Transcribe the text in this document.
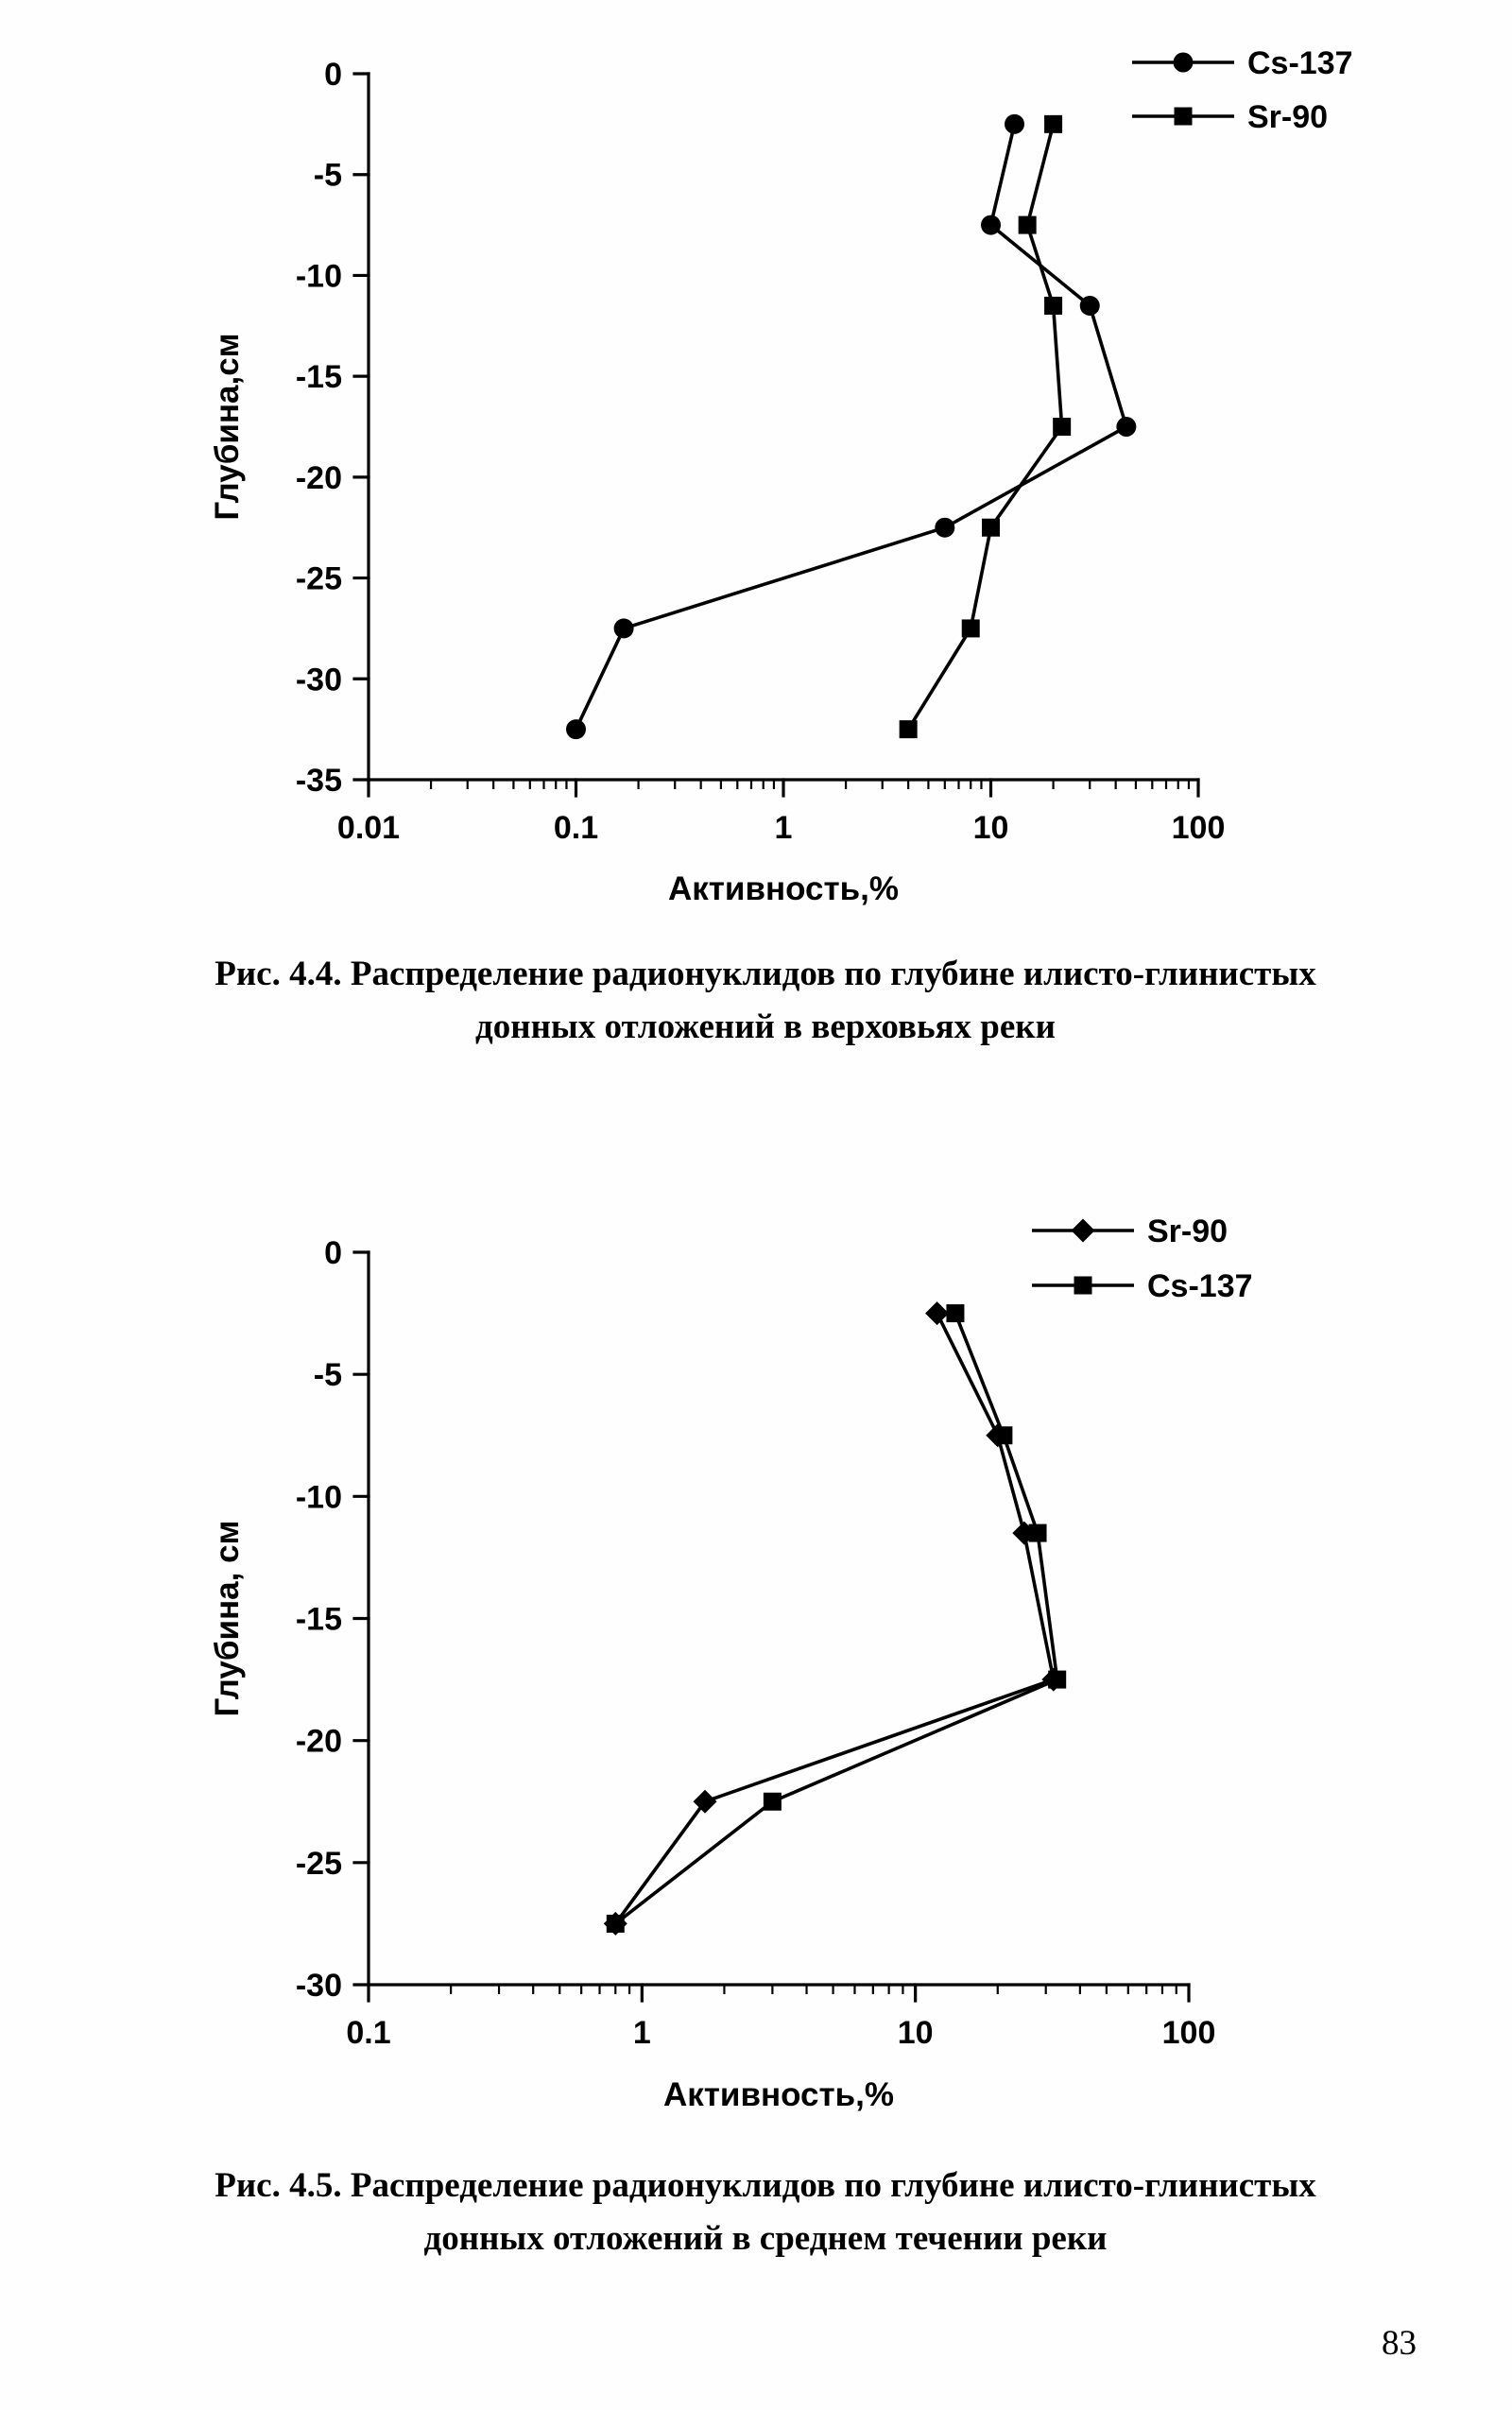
0
-5
-10
-15
-20
-25
-30
-35
0.01	0.1	1	10	100
Активность,%
Глубина,см
Cs-137
Sr-90

Рис. 4.4. Распределение радионуклидов по глубине илисто-глинистых
донных отложений в верховьях реки

0
-5
-10
-15
-20
-25
-30
0.1	1	10	100
Активность,%
Глубина, см
Sr-90
Cs-137

Рис. 4.5. Распределение радионуклидов по глубине илисто-глинистых
донных отложений в среднем течении реки

83
